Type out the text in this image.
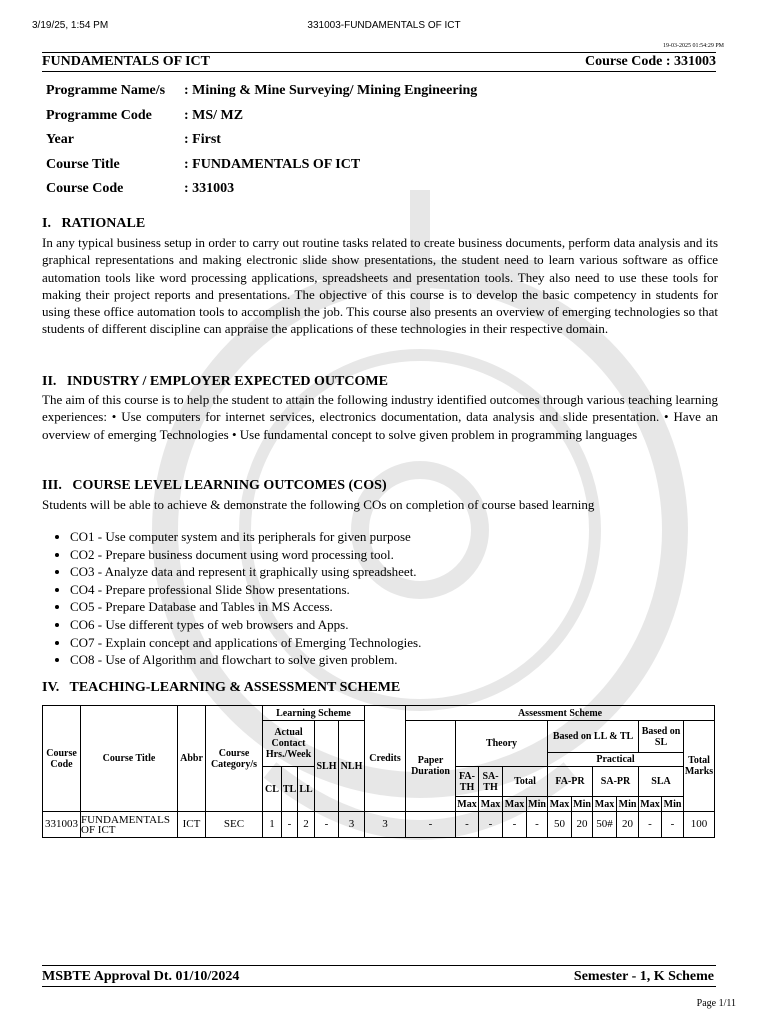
3/19/25, 1:54 PM	331003-FUNDAMENTALS OF ICT
19-03-2025 01:54:29 PM
FUNDAMENTALS OF ICT	Course Code : 331003
Programme Name/s	: Mining & Mine Surveying/ Mining Engineering
Programme Code	: MS/ MZ
Year	: First
Course Title	: FUNDAMENTALS OF ICT
Course Code	: 331003
I.   RATIONALE
In any typical business setup in order to carry out routine tasks related to create business documents, perform data analysis and its graphical representations and making electronic slide show presentations, the student need to learn various software as office automation tools like word processing applications, spreadsheets and presentation tools. They also need to use these tools for making their project reports and presentations. The objective of this course is to develop the basic competency in students for using these office automation tools to accomplish the job. This course also presents an overview of emerging technologies so that students of different discipline can appraise the applications of these technologies in their respective domain.
II.   INDUSTRY / EMPLOYER EXPECTED OUTCOME
The aim of this course is to help the student to attain the following industry identified outcomes through various teaching learning experiences: • Use computers for internet services, electronics documentation, data analysis and slide presentation. • Have an overview of emerging Technologies • Use fundamental concept to solve given problem in programming languages
III.   COURSE LEVEL LEARNING OUTCOMES (COS)
Students will be able to achieve & demonstrate the following COs on completion of course based learning
• CO1 - Use computer system and its peripherals for given purpose
• CO2 - Prepare business document using word processing tool.
• CO3 - Analyze data and represent it graphically using spreadsheet.
• CO4 - Prepare professional Slide Show presentations.
• CO5 - Prepare Database and Tables in MS Access.
• CO6 - Use different types of web browsers and Apps.
• CO7 - Explain concept and applications of Emerging Technologies.
• CO8 - Use of Algorithm and flowchart to solve given problem.
IV.   TEACHING-LEARNING & ASSESSMENT SCHEME
Course Code	Course Title	Abbr	Course Category/s	Learning Scheme					Credits	Assessment Scheme											
				Actual Contact Hrs./Week			SLH	NLH		Paper Duration	Theory				Based on LL & TL				Based on SL		Total Marks
															Practical						
				CL	TL	LL					FA-TH	SA-TH	Total		FA-PR		SA-PR		SLA		
											Max	Max	Max	Min	Max	Min	Max	Min	Max	Min	
331003	FUNDAMENTALS OF ICT	ICT	SEC	1	-	2	-	3	3	-	-	-	-	-	50	20	50#	20	-	-	100
MSBTE Approval Dt. 01/10/2024	Semester - 1, K Scheme
Page 1/11
